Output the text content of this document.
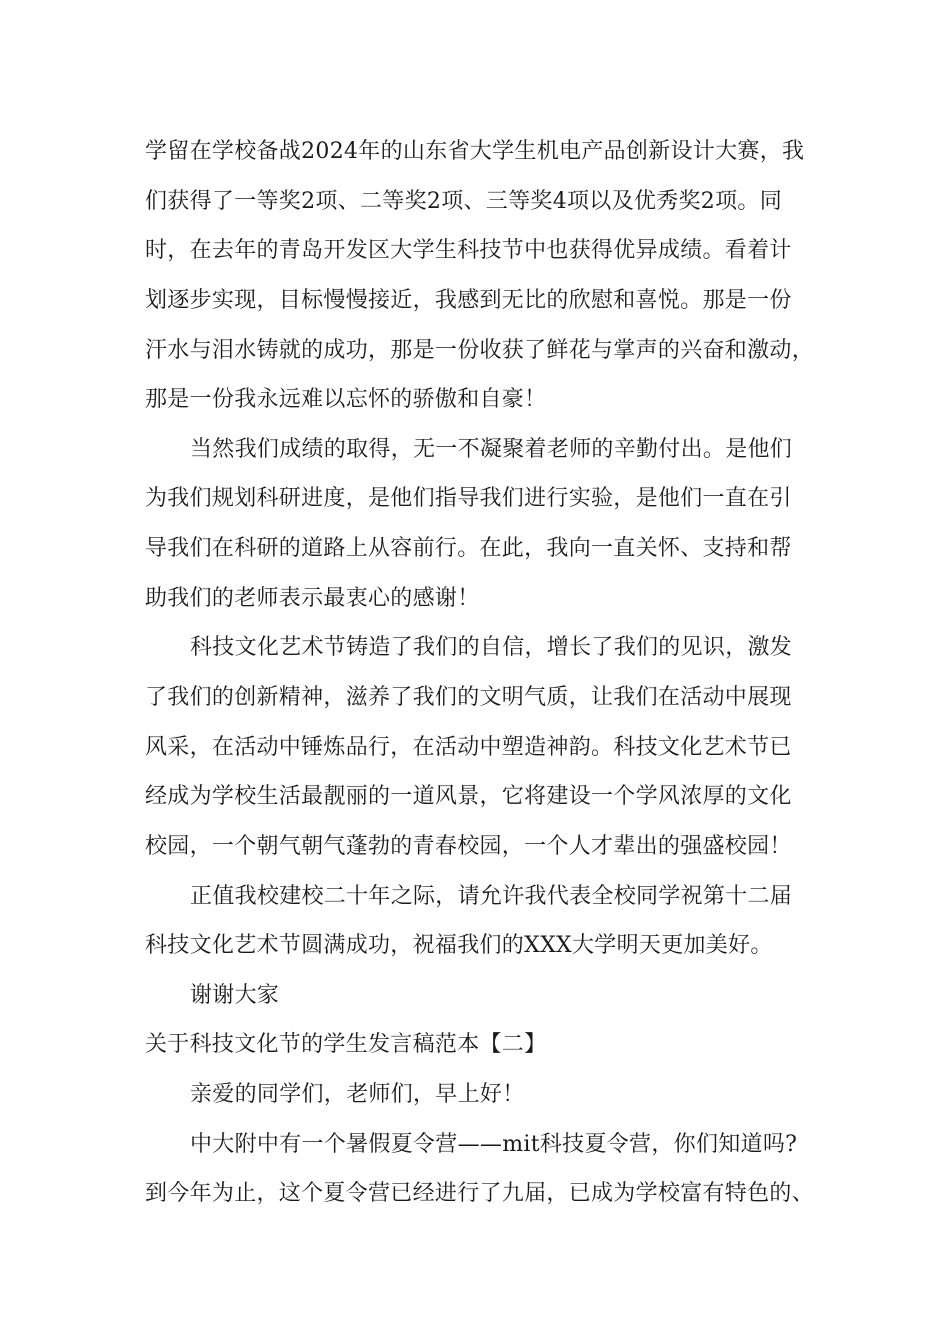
学留在学校备战2024年的山东省大学生机电产品创新设计大赛，我
们获得了一等奖2项、二等奖2项、三等奖4项以及优秀奖2项。同
时，在去年的青岛开发区大学生科技节中也获得优异成绩。看着计
划逐步实现，目标慢慢接近，我感到无比的欣慰和喜悦。那是一份
汗水与泪水铸就的成功，那是一份收获了鲜花与掌声的兴奋和激动，
那是一份我永远难以忘怀的骄傲和自豪！
当然我们成绩的取得，无一不凝聚着老师的辛勤付出。是他们
为我们规划科研进度，是他们指导我们进行实验，是他们一直在引
导我们在科研的道路上从容前行。在此，我向一直关怀、支持和帮
助我们的老师表示最衷心的感谢！
科技文化艺术节铸造了我们的自信，增长了我们的见识，激发
了我们的创新精神，滋养了我们的文明气质，让我们在活动中展现
风采，在活动中锤炼品行，在活动中塑造神韵。科技文化艺术节已
经成为学校生活最靓丽的一道风景，它将建设一个学风浓厚的文化
校园，一个朝气朝气蓬勃的青春校园，一个人才辈出的强盛校园！
正值我校建校二十年之际，请允许我代表全校同学祝第十二届
科技文化艺术节圆满成功，祝福我们的XXX大学明天更加美好。
谢谢大家
关于科技文化节的学生发言稿范本【二】
亲爱的同学们，老师们，早上好！
中大附中有一个暑假夏令营——mit科技夏令营，你们知道吗?
到今年为止，这个夏令营已经进行了九届，已成为学校富有特色的、
